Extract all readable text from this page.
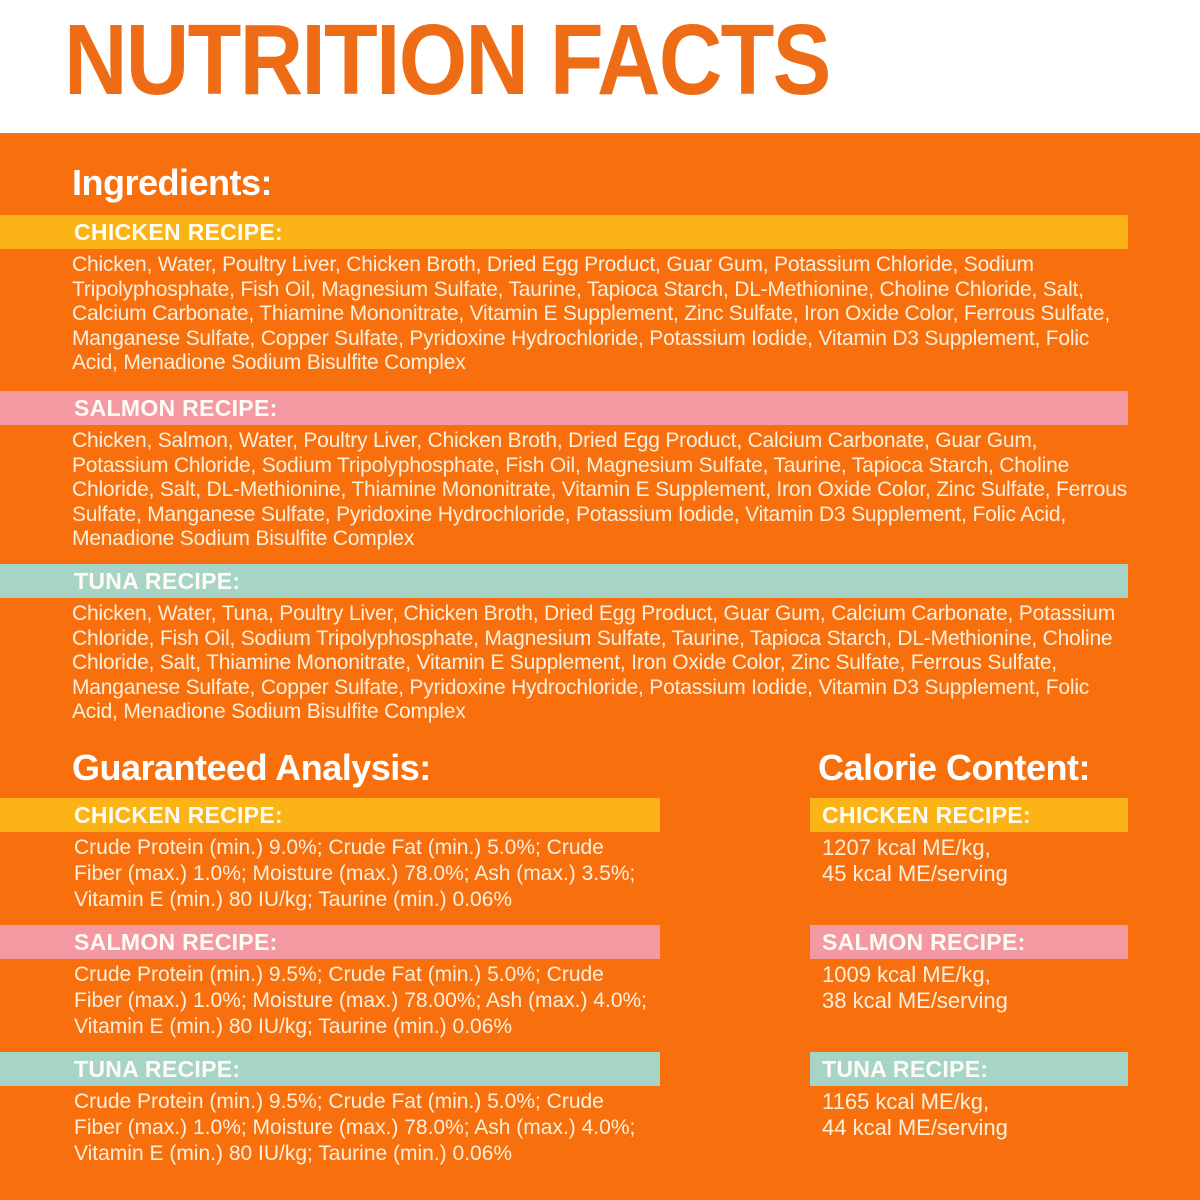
NUTRITION FACTS
Ingredients:
CHICKEN RECIPE:
Chicken, Water, Poultry Liver, Chicken Broth, Dried Egg Product, Guar Gum, Potassium Chloride, Sodium Tripolyphosphate, Fish Oil, Magnesium Sulfate, Taurine, Tapioca Starch, DL-Methionine, Choline Chloride, Salt, Calcium Carbonate, Thiamine Mononitrate, Vitamin E Supplement, Zinc Sulfate, Iron Oxide Color, Ferrous Sulfate, Manganese Sulfate, Copper Sulfate, Pyridoxine Hydrochloride, Potassium Iodide, Vitamin D3 Supplement, Folic Acid, Menadione Sodium Bisulfite Complex
SALMON RECIPE:
Chicken, Salmon, Water, Poultry Liver, Chicken Broth, Dried Egg Product, Calcium Carbonate, Guar Gum, Potassium Chloride, Sodium Tripolyphosphate, Fish Oil, Magnesium Sulfate, Taurine, Tapioca Starch, Choline Chloride, Salt, DL-Methionine, Thiamine Mononitrate, Vitamin E Supplement, Iron Oxide Color, Zinc Sulfate, Ferrous Sulfate, Manganese Sulfate, Pyridoxine Hydrochloride, Potassium Iodide, Vitamin D3 Supplement, Folic Acid, Menadione Sodium Bisulfite Complex
TUNA RECIPE:
Chicken, Water, Tuna, Poultry Liver, Chicken Broth, Dried Egg Product, Guar Gum, Calcium Carbonate, Potassium Chloride, Fish Oil, Sodium Tripolyphosphate, Magnesium Sulfate, Taurine, Tapioca Starch, DL-Methionine, Choline Chloride, Salt, Thiamine Mononitrate, Vitamin E Supplement, Iron Oxide Color, Zinc Sulfate, Ferrous Sulfate, Manganese Sulfate, Copper Sulfate, Pyridoxine Hydrochloride, Potassium Iodide, Vitamin D3 Supplement, Folic Acid, Menadione Sodium Bisulfite Complex
Guaranteed Analysis:	Calorie Content:
CHICKEN RECIPE:
Crude Protein (min.) 9.0%; Crude Fat (min.) 5.0%; Crude
Fiber (max.) 1.0%; Moisture (max.) 78.0%; Ash (max.) 3.5%;
Vitamin E (min.) 80 IU/kg; Taurine (min.) 0.06%
CHICKEN RECIPE:
1207 kcal ME/kg,
45 kcal ME/serving
SALMON RECIPE:
Crude Protein (min.) 9.5%; Crude Fat (min.) 5.0%; Crude
Fiber (max.) 1.0%; Moisture (max.) 78.00%; Ash (max.) 4.0%;
Vitamin E (min.) 80 IU/kg; Taurine (min.) 0.06%
SALMON RECIPE:
1009 kcal ME/kg,
38 kcal ME/serving
TUNA RECIPE:
Crude Protein (min.) 9.5%; Crude Fat (min.) 5.0%; Crude
Fiber (max.) 1.0%; Moisture (max.) 78.0%; Ash (max.) 4.0%;
Vitamin E (min.) 80 IU/kg; Taurine (min.) 0.06%
TUNA RECIPE:
1165 kcal ME/kg,
44 kcal ME/serving
